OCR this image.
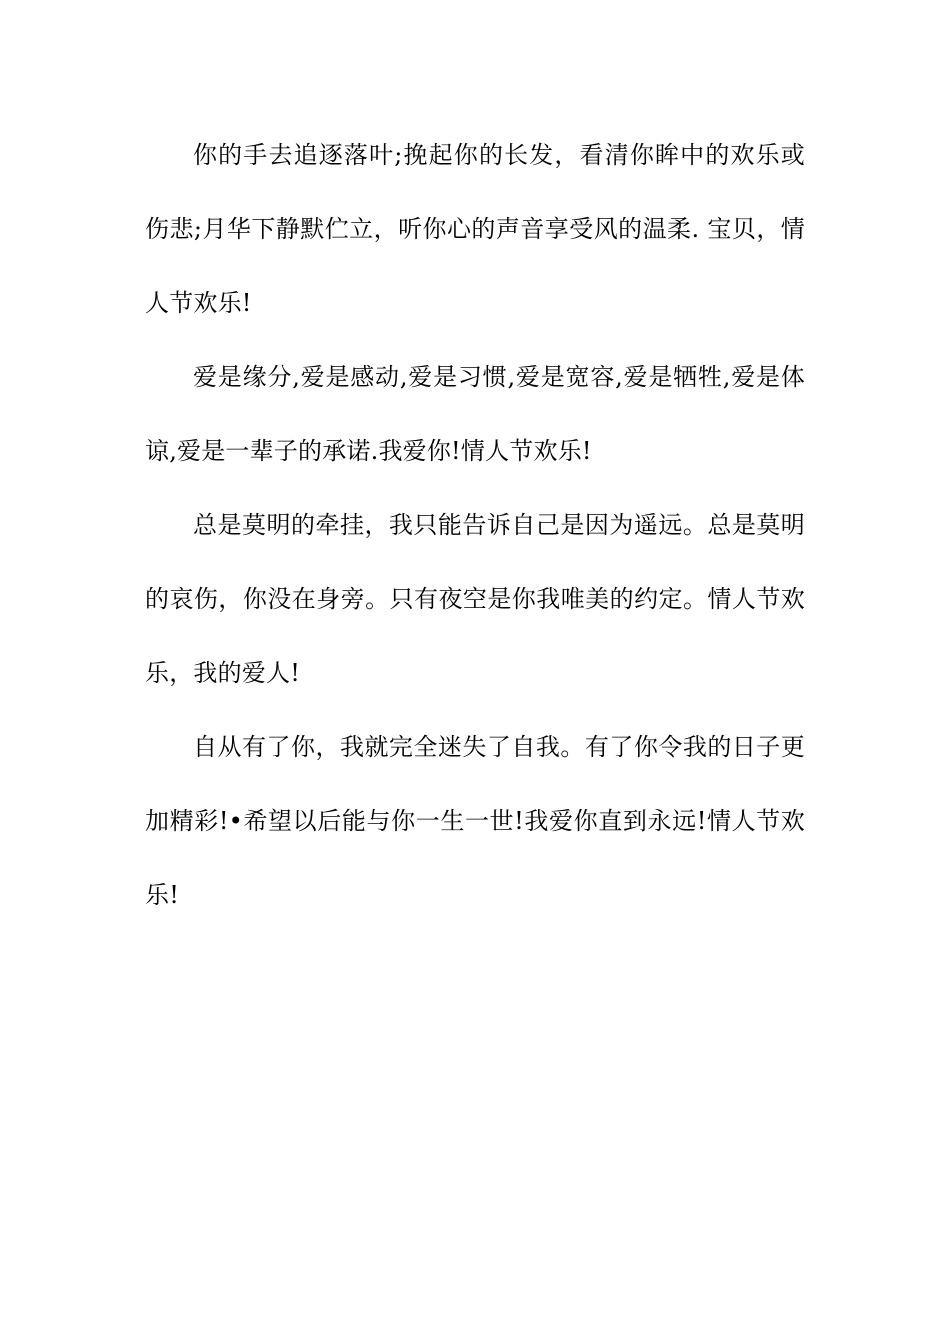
你的手去追逐落叶;挽起你的长发，看清你眸中的欢乐或伤悲;月华下静默伫立，听你心的声音享受风的温柔. 宝贝，情人节欢乐!

爱是缘分,爱是感动,爱是习惯,爱是宽容,爱是牺牲,爱是体谅,爱是一辈子的承诺.我爱你!情人节欢乐!

总是莫明的牵挂，我只能告诉自己是因为遥远。总是莫明的哀伤，你没在身旁。只有夜空是你我唯美的约定。情人节欢乐，我的爱人!

自从有了你，我就完全迷失了自我。有了你令我的日子更加精彩!•希望以后能与你一生一世!我爱你直到永远!情人节欢乐!
